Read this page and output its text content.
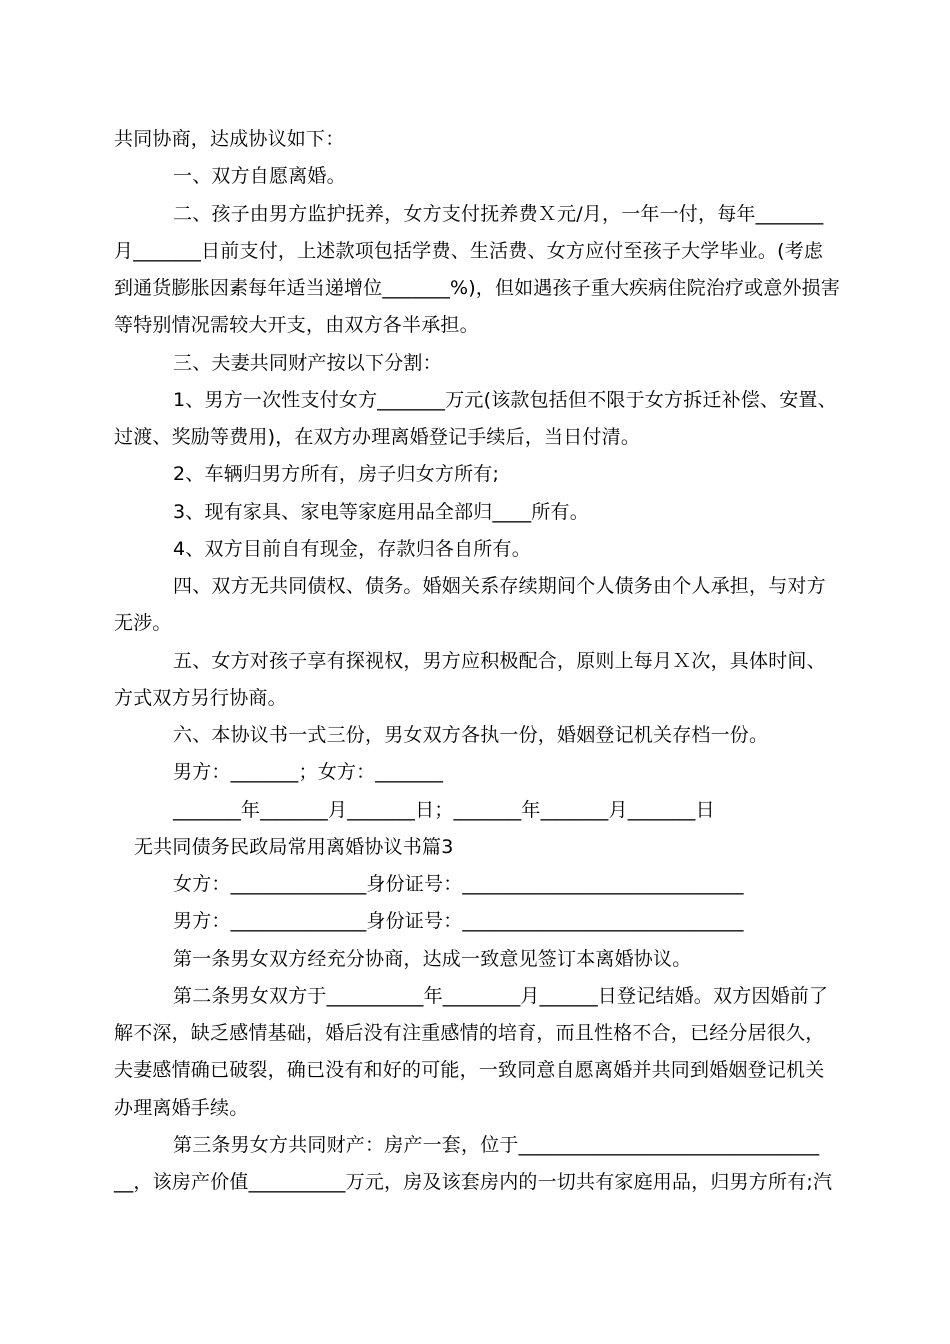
共同协商，达成协议如下：
一、双方自愿离婚。
二、孩子由男方监护抚养，女方支付抚养费Ｘ元/月，一年一付，每年_______
月_______日前支付，上述款项包括学费、生活费、女方应付至孩子大学毕业。(考虑
到通货膨胀因素每年适当递增位_______%)，但如遇孩子重大疾病住院治疗或意外损害
等特别情况需较大开支，由双方各半承担。
三、夫妻共同财产按以下分割：
1、男方一次性支付女方_______万元(该款包括但不限于女方拆迁补偿、安置、
过渡、奖励等费用)，在双方办理离婚登记手续后，当日付清。
2、车辆归男方所有，房子归女方所有;
3、现有家具、家电等家庭用品全部归____所有。
4、双方目前自有现金，存款归各自所有。
四、双方无共同债权、债务。婚姻关系存续期间个人债务由个人承担，与对方
无涉。
五、女方对孩子享有探视权，男方应积极配合，原则上每月Ｘ次，具体时间、
方式双方另行协商。
六、本协议书一式三份，男女双方各执一份，婚姻登记机关存档一份。
男方：_______；女方：_______
_______年_______月_______日；_______年_______月_______日
无共同债务民政局常用离婚协议书篇3
女方：______________身份证号：_____________________________
男方：______________身份证号：_____________________________
第一条男女双方经充分协商，达成一致意见签订本离婚协议。
第二条男女双方于__________年________月______日登记结婚。双方因婚前了
解不深，缺乏感情基础，婚后没有注重感情的培育，而且性格不合，已经分居很久，
夫妻感情确已破裂，确已没有和好的可能，一致同意自愿离婚并共同到婚姻登记机关
办理离婚手续。
第三条男女方共同财产：房产一套，位于_______________________________
__，该房产价值__________万元，房及该套房内的一切共有家庭用品，归男方所有;汽
